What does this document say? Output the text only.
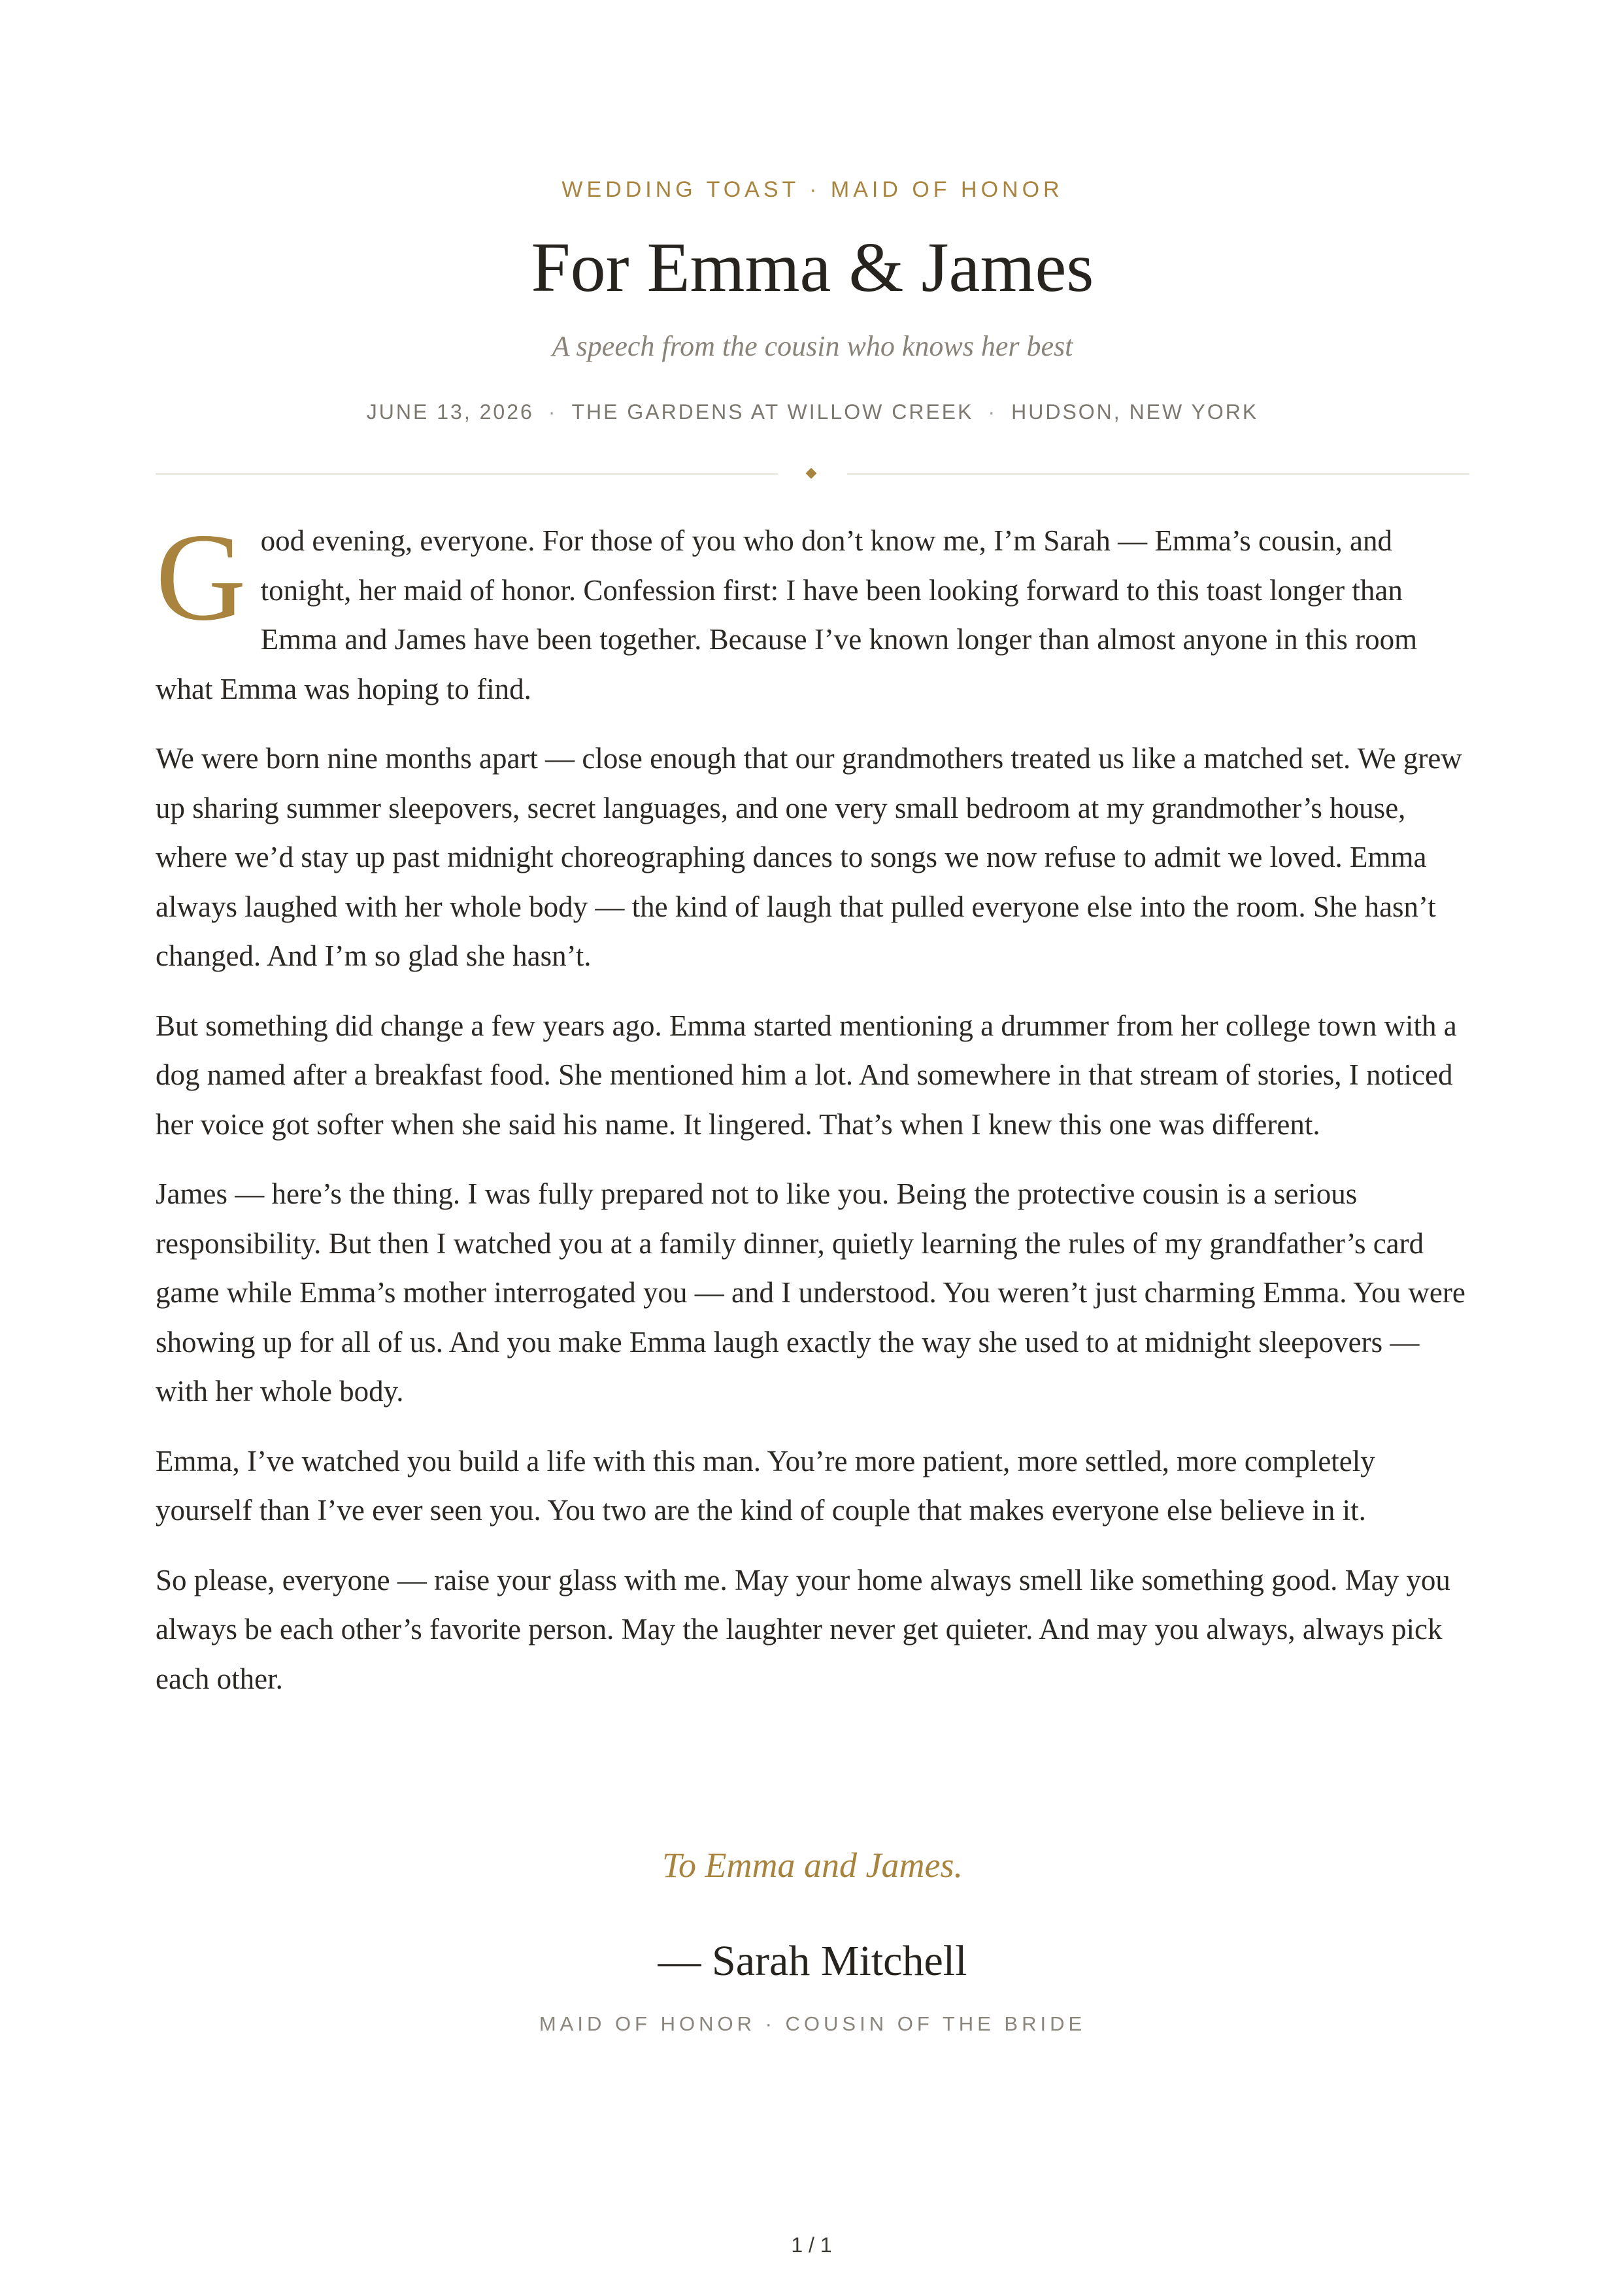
WEDDING TOAST · MAID OF HONOR
For Emma & James
A speech from the cousin who knows her best
JUNE 13, 2026 · THE GARDENS AT WILLOW CREEK · HUDSON, NEW YORK

Good evening, everyone. For those of you who don’t know me, I’m Sarah — Emma’s cousin, and tonight, her maid of honor. Confession first: I have been looking forward to this toast longer than Emma and James have been together. Because I’ve known longer than almost anyone in this room what Emma was hoping to find.

We were born nine months apart — close enough that our grandmothers treated us like a matched set. We grew up sharing summer sleepovers, secret languages, and one very small bedroom at my grandmother’s house, where we’d stay up past midnight choreographing dances to songs we now refuse to admit we loved. Emma always laughed with her whole body — the kind of laugh that pulled everyone else into the room. She hasn’t changed. And I’m so glad she hasn’t.

But something did change a few years ago. Emma started mentioning a drummer from her college town with a dog named after a breakfast food. She mentioned him a lot. And somewhere in that stream of stories, I noticed her voice got softer when she said his name. It lingered. That’s when I knew this one was different.

James — here’s the thing. I was fully prepared not to like you. Being the protective cousin is a serious responsibility. But then I watched you at a family dinner, quietly learning the rules of my grandfather’s card game while Emma’s mother interrogated you — and I understood. You weren’t just charming Emma. You were showing up for all of us. And you make Emma laugh exactly the way she used to at midnight sleepovers — with her whole body.

Emma, I’ve watched you build a life with this man. You’re more patient, more settled, more completely yourself than I’ve ever seen you. You two are the kind of couple that makes everyone else believe in it.

So please, everyone — raise your glass with me. May your home always smell like something good. May you always be each other’s favorite person. May the laughter never get quieter. And may you always, always pick each other.

To Emma and James.
— Sarah Mitchell
MAID OF HONOR · COUSIN OF THE BRIDE
1 / 1
